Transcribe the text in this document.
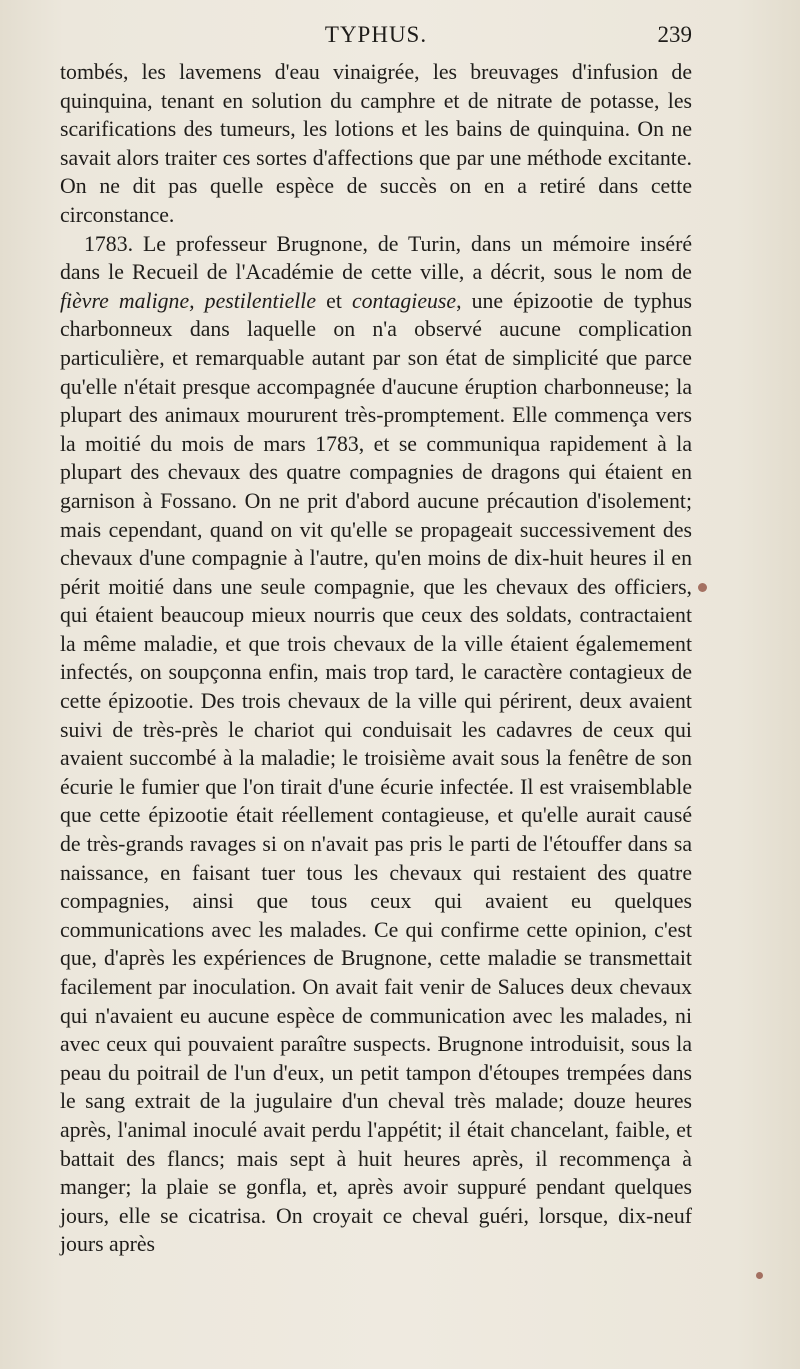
TYPHUS.	239

tombés, les lavemens d'eau vinaigrée, les breuvages d'infusion de quinquina, tenant en solution du camphre et de nitrate de potasse, les scarifications des tumeurs, les lotions et les bains de quinquina. On ne savait alors traiter ces sortes d'affections que par une méthode excitante. On ne dit pas quelle espèce de succès on en a retiré dans cette circonstance.

1783. Le professeur Brugnone, de Turin, dans un mémoire inséré dans le Recueil de l'Académie de cette ville, a décrit, sous le nom de fièvre maligne, pestilentielle et contagieuse, une épizootie de typhus charbonneux dans laquelle on n'a observé aucune complication particulière, et remarquable autant par son état de simplicité que parce qu'elle n'était presque accompagnée d'aucune éruption charbonneuse; la plupart des animaux moururent très-promptement. Elle commença vers la moitié du mois de mars 1783, et se communiqua rapidement à la plupart des chevaux des quatre compagnies de dragons qui étaient en garnison à Fossano. On ne prit d'abord aucune précaution d'isolement; mais cependant, quand on vit qu'elle se propageait successivement des chevaux d'une compagnie à l'autre, qu'en moins de dix-huit heures il en périt moitié dans une seule compagnie, que les chevaux des officiers, qui étaient beaucoup mieux nourris que ceux des soldats, contractaient la même maladie, et que trois chevaux de la ville étaient égalemement infectés, on soupçonna enfin, mais trop tard, le caractère contagieux de cette épizootie. Des trois chevaux de la ville qui périrent, deux avaient suivi de très-près le chariot qui conduisait les cadavres de ceux qui avaient succombé à la maladie; le troisième avait sous la fenêtre de son écurie le fumier que l'on tirait d'une écurie infectée. Il est vraisemblable que cette épizootie était réellement contagieuse, et qu'elle aurait causé de très-grands ravages si on n'avait pas pris le parti de l'étouffer dans sa naissance, en faisant tuer tous les chevaux qui restaient des quatre compagnies, ainsi que tous ceux qui avaient eu quelques communications avec les malades. Ce qui confirme cette opinion, c'est que, d'après les expériences de Brugnone, cette maladie se transmettait facilement par inoculation. On avait fait venir de Saluces deux chevaux qui n'avaient eu aucune espèce de communication avec les malades, ni avec ceux qui pouvaient paraître suspects. Brugnone introduisit, sous la peau du poitrail de l'un d'eux, un petit tampon d'étoupes trempées dans le sang extrait de la jugulaire d'un cheval très malade; douze heures après, l'animal inoculé avait perdu l'appétit; il était chancelant, faible, et battait des flancs; mais sept à huit heures après, il recommença à manger; la plaie se gonfla, et, après avoir suppuré pendant quelques jours, elle se cicatrisa. On croyait ce cheval guéri, lorsque, dix-neuf jours après
